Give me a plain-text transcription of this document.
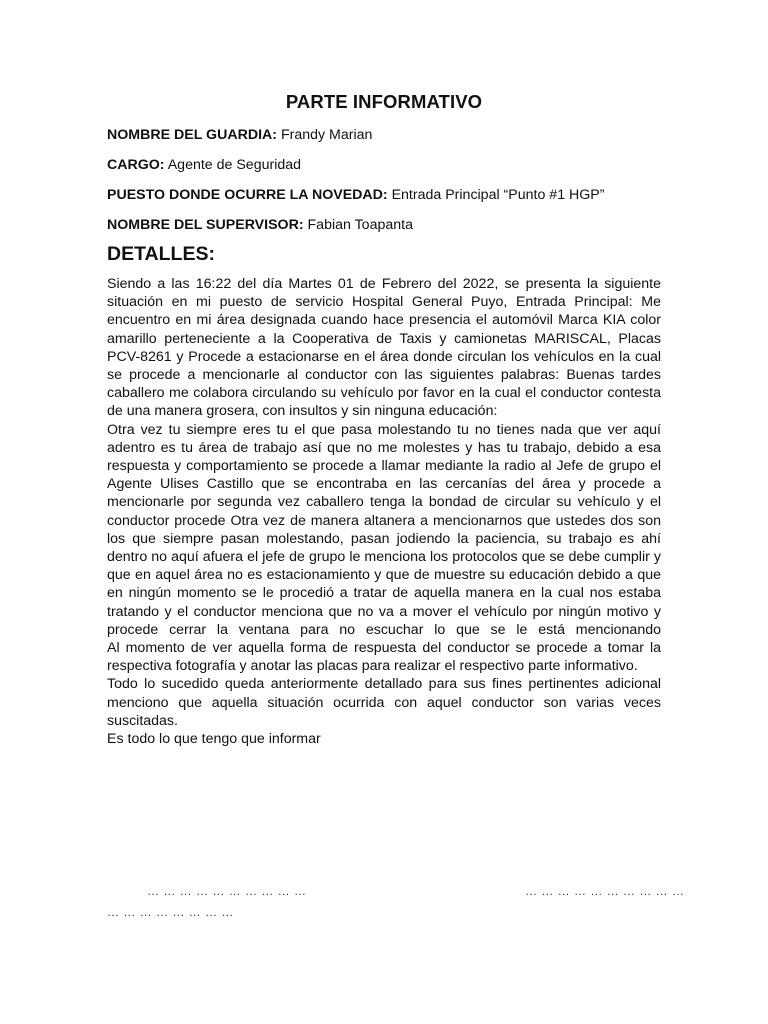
PARTE INFORMATIVO
NOMBRE DEL GUARDIA: Frandy Marian
CARGO: Agente de Seguridad
PUESTO DONDE OCURRE LA NOVEDAD: Entrada Principal “Punto #1 HGP”
NOMBRE DEL SUPERVISOR: Fabian Toapanta
DETALLES:

Siendo a las 16:22 del día Martes 01 de Febrero del 2022, se presenta la siguiente situación en mi puesto de servicio Hospital General Puyo, Entrada Principal: Me encuentro en mi área designada cuando hace presencia el automóvil Marca KIA color amarillo perteneciente a la Cooperativa de Taxis y camionetas MARISCAL, Placas PCV-8261 y Procede a estacionarse en el área donde circulan los vehículos en la cual se procede a mencionarle al conductor con las siguientes palabras: Buenas tardes caballero me colabora circulando su vehículo por favor en la cual el conductor contesta de una manera grosera, con insultos y sin ninguna educación:

Otra vez tu siempre eres tu el que pasa molestando tu no tienes nada que ver aquí adentro es tu área de trabajo así que no me molestes y has tu trabajo, debido a esa respuesta y comportamiento se procede a llamar mediante la radio al Jefe de grupo el Agente Ulises Castillo que se encontraba en las cercanías del área y procede a mencionarle por segunda vez caballero tenga la bondad de circular su vehículo y el conductor procede Otra vez de manera altanera a mencionarnos que ustedes dos son los que siempre pasan molestando, pasan jodiendo la paciencia, su trabajo es ahí dentro no aquí afuera el jefe de grupo le menciona los protocolos que se debe cumplir y que en aquel área no es estacionamiento y que de muestre su educación debido a que en ningún momento se le procedió a tratar de aquella manera en la cual nos estaba tratando y el conductor menciona que no va a mover el vehículo por ningún motivo y procede cerrar la ventana para no escuchar lo que se le está mencionando

Al momento de ver aquella forma de respuesta del conductor se procede a tomar la respectiva fotografía y anotar las placas para realizar el respectivo parte informativo.

Todo lo sucedido queda anteriormente detallado para sus fines pertinentes adicional menciono que aquella situación ocurrida con aquel conductor son varias veces suscitadas.

Es todo lo que tengo que informar

… … … … … … … … … …	… … … … … … … … … …
… … … … … … … …
